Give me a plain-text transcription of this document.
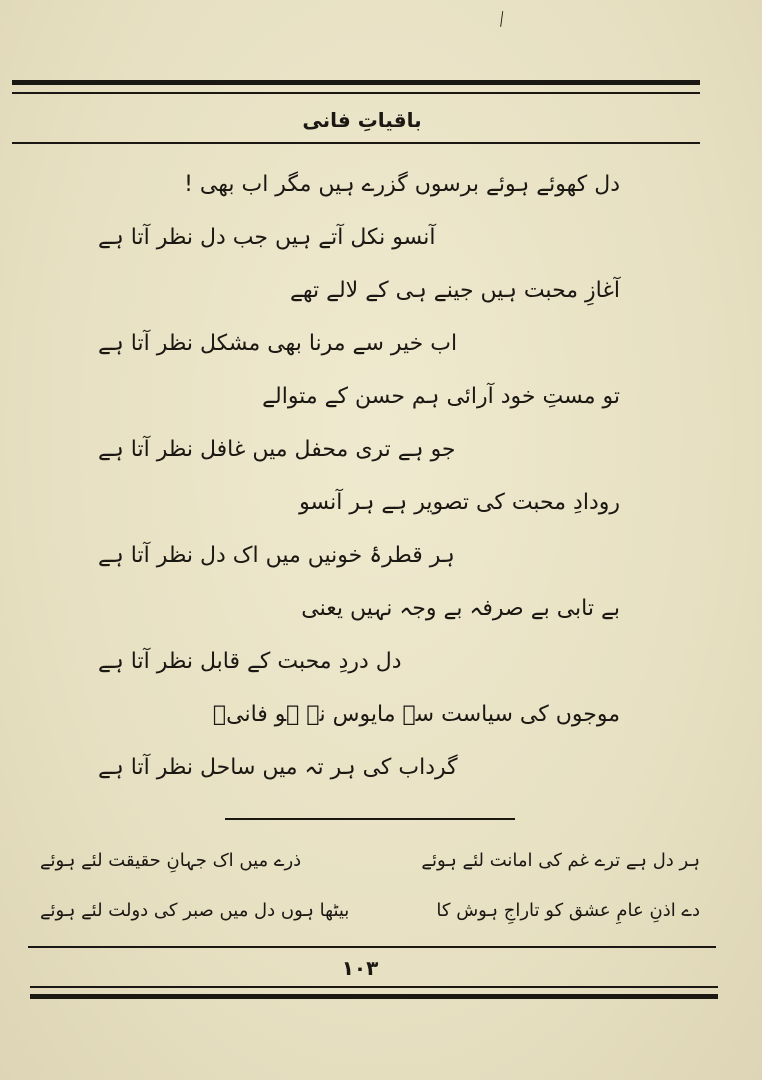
╲
باقیاتِ فانی
دل کھوئے ہوئے برسوں گزرے ہیں مگر اب بھی !
آنسو نکل آتے ہیں جب دل نظر آتا ہے
آغازِ محبت ہیں جینے ہی کے لالے تھے
اب خیر سے مرنا بھی مشکل نظر آتا ہے
تو مستِ خود آرائی ہم حسن کے متوالے
جو ہے تری محفل میں غافل نظر آتا ہے
رودادِ محبت کی تصویر ہے ہر آنسو
ہر قطرۂ خونیں میں اک دل نظر آتا ہے
بے تابی بے صرفہ بے وجہ نہیں یعنی
دل دردِ محبت کے قابل نظر آتا ہے
موجوں کی سیاست سے مایوس نہ ہو فانیؔ
گرداب کی ہر تہ میں ساحل نظر آتا ہے
ہر دل ہے ترے غم کی امانت لئے ہوئے
ذرے میں اک جہانِ حقیقت لئے ہوئے
دے اذنِ عامِ عشق کو تاراجِ ہوش کا
بیٹھا ہوں دل میں صبر کی دولت لئے ہوئے
۱۰۳
